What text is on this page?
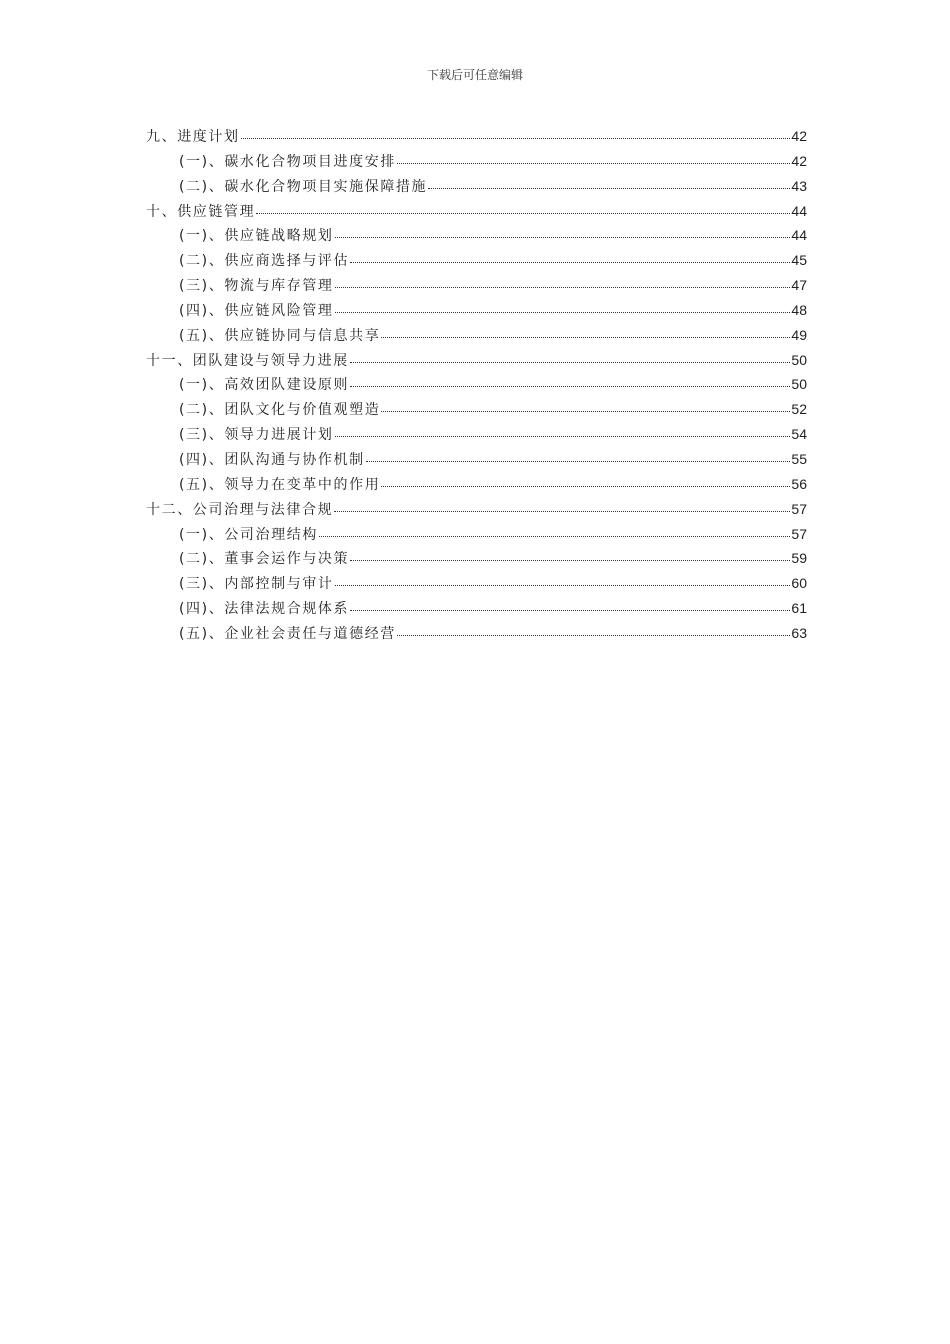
下载后可任意编辑
九、进度计划	42
(一)、碳水化合物项目进度安排	42
(二)、碳水化合物项目实施保障措施	43
十、供应链管理	44
(一)、供应链战略规划	44
(二)、供应商选择与评估	45
(三)、物流与库存管理	47
(四)、供应链风险管理	48
(五)、供应链协同与信息共享	49
十一、团队建设与领导力进展	50
(一)、高效团队建设原则	50
(二)、团队文化与价值观塑造	52
(三)、领导力进展计划	54
(四)、团队沟通与协作机制	55
(五)、领导力在变革中的作用	56
十二、公司治理与法律合规	57
(一)、公司治理结构	57
(二)、董事会运作与决策	59
(三)、内部控制与审计	60
(四)、法律法规合规体系	61
(五)、企业社会责任与道德经营	63
